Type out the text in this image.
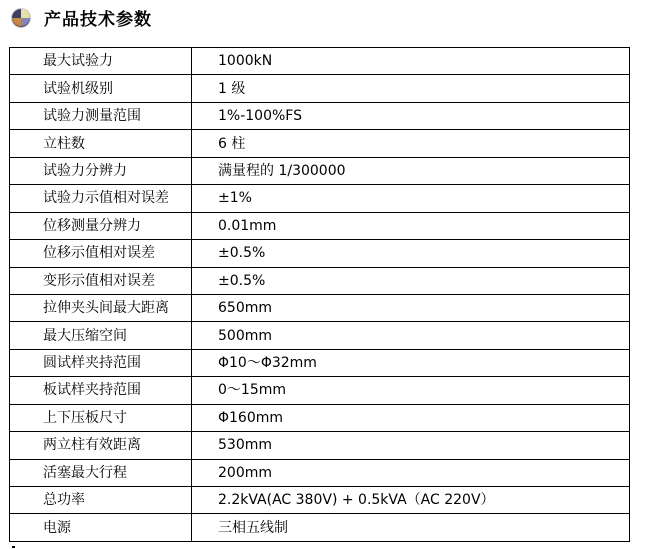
产品技术参数
最大试验力	1000kN
试验机级别	1 级
试验力测量范围	1%-100%FS
立柱数	6 柱
试验力分辨力	满量程的 1/300000
试验力示值相对误差	±1%
位移测量分辨力	0.01mm
位移示值相对误差	±0.5%
变形示值相对误差	±0.5%
拉伸夹头间最大距离	650mm
最大压缩空间	500mm
圆试样夹持范围	Φ10～Φ32mm
板试样夹持范围	0～15mm
上下压板尺寸	Φ160mm
两立柱有效距离	530mm
活塞最大行程	200mm
总功率	2.2kVA(AC 380V) + 0.5kVA（AC 220V）
电源	三相五线制
